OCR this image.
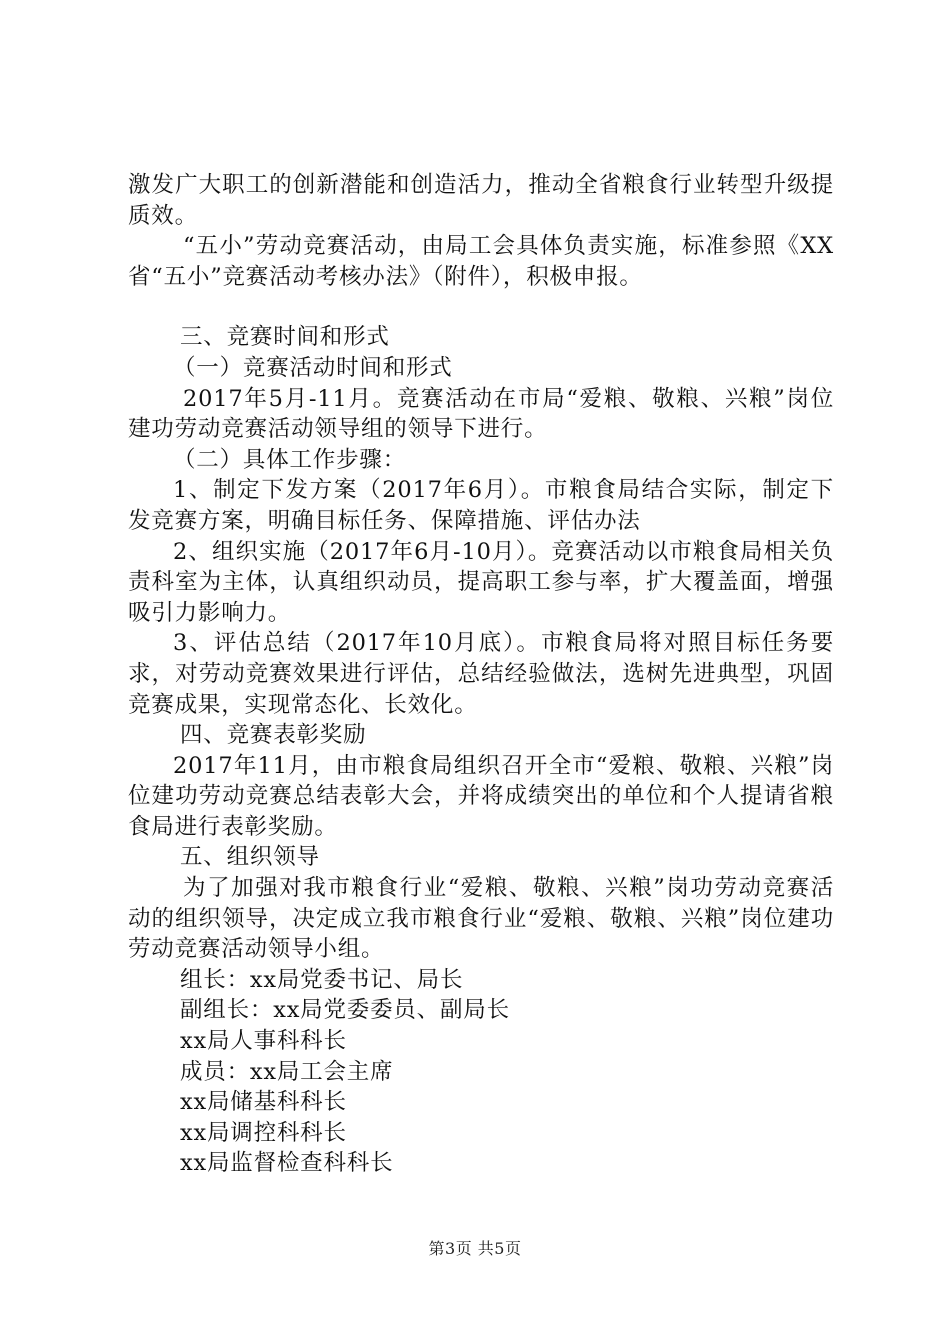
激发广大职工的创新潜能和创造活力，推动全省粮食行业转型升级提质效。

“五小”劳动竞赛活动，由局工会具体负责实施，标准参照《XX省“五小”竞赛活动考核办法》（附件），积极申报。

三、竞赛时间和形式

（一）竞赛活动时间和形式

2017年5月-11月。竞赛活动在市局“爱粮、敬粮、兴粮”岗位建功劳动竞赛活动领导组的领导下进行。

（二）具体工作步骤：

1、制定下发方案（2017年6月）。市粮食局结合实际，制定下发竞赛方案，明确目标任务、保障措施、评估办法

2、组织实施（2017年6月-10月）。竞赛活动以市粮食局相关负责科室为主体，认真组织动员，提高职工参与率，扩大覆盖面，增强吸引力影响力。

3、评估总结（2017年10月底）。市粮食局将对照目标任务要求，对劳动竞赛效果进行评估，总结经验做法，选树先进典型，巩固竞赛成果，实现常态化、长效化。

四、竞赛表彰奖励

2017年11月，由市粮食局组织召开全市“爱粮、敬粮、兴粮”岗位建功劳动竞赛总结表彰大会，并将成绩突出的单位和个人提请省粮食局进行表彰奖励。

五、组织领导

为了加强对我市粮食行业“爱粮、敬粮、兴粮”岗功劳动竞赛活动的组织领导，决定成立我市粮食行业“爱粮、敬粮、兴粮”岗位建功劳动竞赛活动领导小组。

组长：xx局党委书记、局长

副组长：xx局党委委员、副局长

xx局人事科科长

成员：xx局工会主席

xx局储基科科长

xx局调控科科长

xx局监督检查科科长

第3页 共5页
